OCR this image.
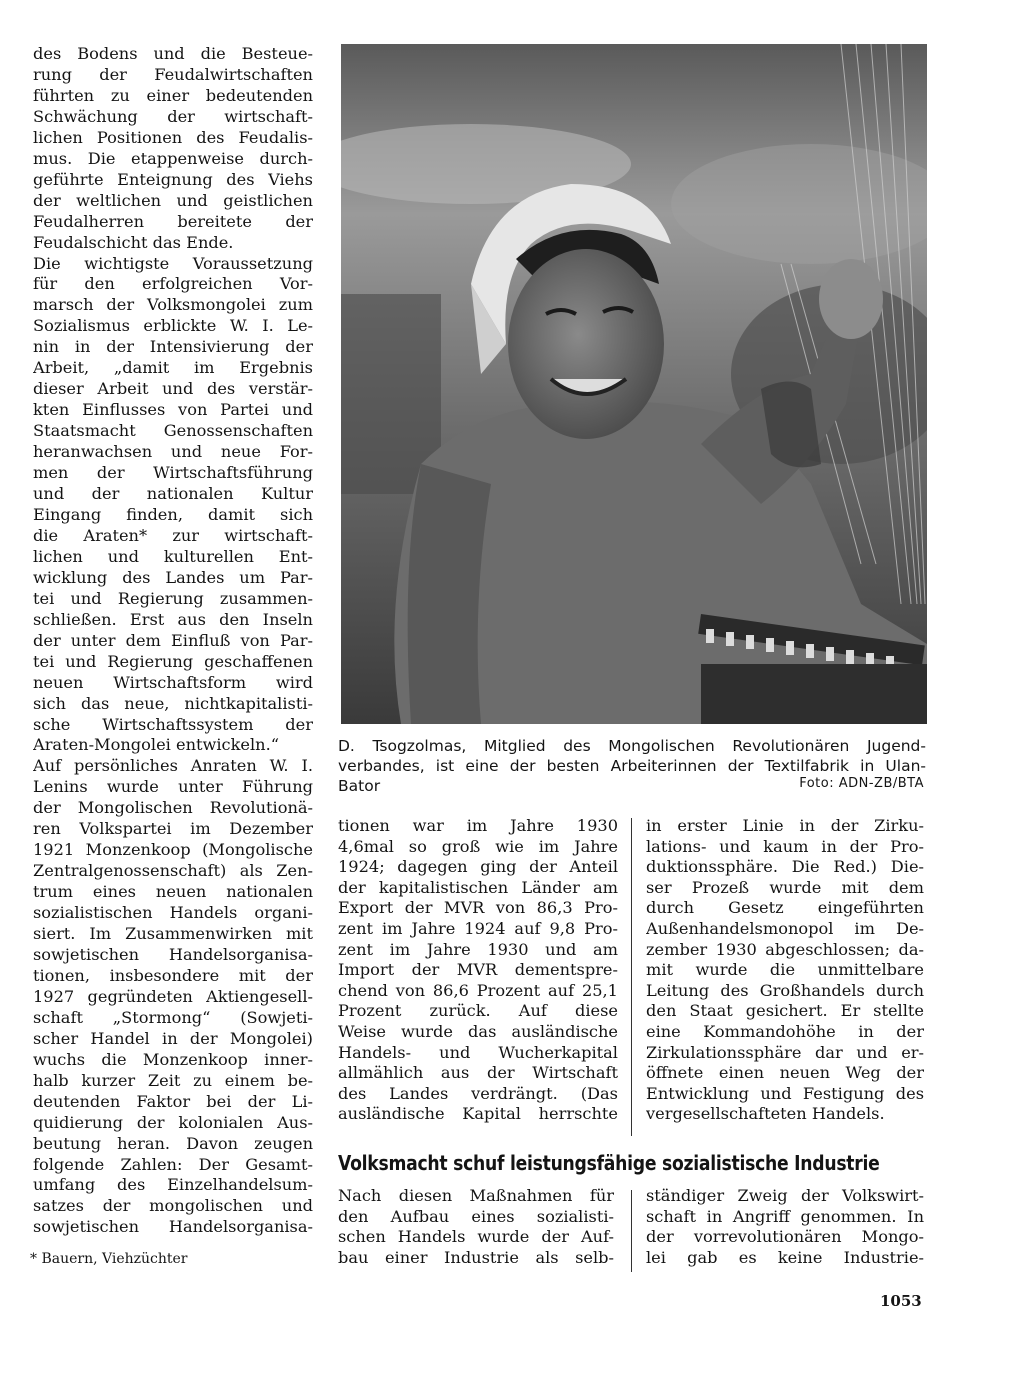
des Bodens und die Besteue-
rung der Feudalwirtschaften
führten zu einer bedeutenden
Schwächung der wirtschaft-
lichen Positionen des Feudalis-
mus. Die etappenweise durch-
geführte Enteignung des Viehs
der weltlichen und geistlichen
Feudalherren bereitete der
Feudalschicht das Ende.
Die wichtigste Voraussetzung
für den erfolgreichen Vor-
marsch der Volksmongolei zum
Sozialismus erblickte W. I. Le-
nin in der Intensivierung der
Arbeit, „damit im Ergebnis
dieser Arbeit und des verstär-
kten Einflusses von Partei und
Staatsmacht Genossenschaften
heranwachsen und neue For-
men der Wirtschaftsführung
und der nationalen Kultur
Eingang finden, damit sich
die Araten* zur wirtschaft-
lichen und kulturellen Ent-
wicklung des Landes um Par-
tei und Regierung zusammen-
schließen. Erst aus den Inseln
der unter dem Einfluß von Par-
tei und Regierung geschaffenen
neuen Wirtschaftsform wird
sich das neue, nichtkapitalisti-
sche Wirtschaftssystem der
Araten-Mongolei entwickeln.“
Auf persönliches Anraten W. I.
Lenins wurde unter Führung
der Mongolischen Revolutionä-
ren Volkspartei im Dezember
1921 Monzenkoop (Mongolische
Zentralgenossenschaft) als Zen-
trum eines neuen nationalen
sozialistischen Handels organi-
siert. Im Zusammenwirken mit
sowjetischen Handelsorganisa-
tionen, insbesondere mit der
1927 gegründeten Aktiengesell-
schaft „Stormong“ (Sowjeti-
scher Handel in der Mongolei)
wuchs die Monzenkoop inner-
halb kurzer Zeit zu einem be-
deutenden Faktor bei der Li-
quidierung der kolonialen Aus-
beutung heran. Davon zeugen
folgende Zahlen: Der Gesamt-
umfang des Einzelhandelsum-
satzes der mongolischen und
sowjetischen Handelsorganisa-
* Bauern, Viehzüchter
D. Tsogzolmas, Mitglied des Mongolischen Revolutionären Jugend-
verbandes, ist eine der besten Arbeiterinnen der Textilfabrik in Ulan-
Bator	Foto: ADN-ZB/BTA
tionen war im Jahre 1930
4,6mal so groß wie im Jahre
1924; dagegen ging der Anteil
der kapitalistischen Länder am
Export der MVR von 86,3 Pro-
zent im Jahre 1924 auf 9,8 Pro-
zent im Jahre 1930 und am
Import der MVR dementspre-
chend von 86,6 Prozent auf 25,1
Prozent zurück. Auf diese
Weise wurde das ausländische
Handels- und Wucherkapital
allmählich aus der Wirtschaft
des Landes verdrängt. (Das
ausländische Kapital herrschte
in erster Linie in der Zirku-
lations- und kaum in der Pro-
duktionssphäre. Die Red.) Die-
ser Prozeß wurde mit dem
durch Gesetz eingeführten
Außenhandelsmonopol im De-
zember 1930 abgeschlossen; da-
mit wurde die unmittelbare
Leitung des Großhandels durch
den Staat gesichert. Er stellte
eine Kommandohöhe in der
Zirkulationssphäre dar und er-
öffnete einen neuen Weg der
Entwicklung und Festigung des
vergesellschafteten Handels.
Volksmacht schuf leistungsfähige sozialistische Industrie
Nach diesen Maßnahmen für
den Aufbau eines sozialisti-
schen Handels wurde der Auf-
bau einer Industrie als selb-
ständiger Zweig der Volkswirt-
schaft in Angriff genommen. In
der vorrevolutionären Mongo-
lei gab es keine Industrie-
1053
